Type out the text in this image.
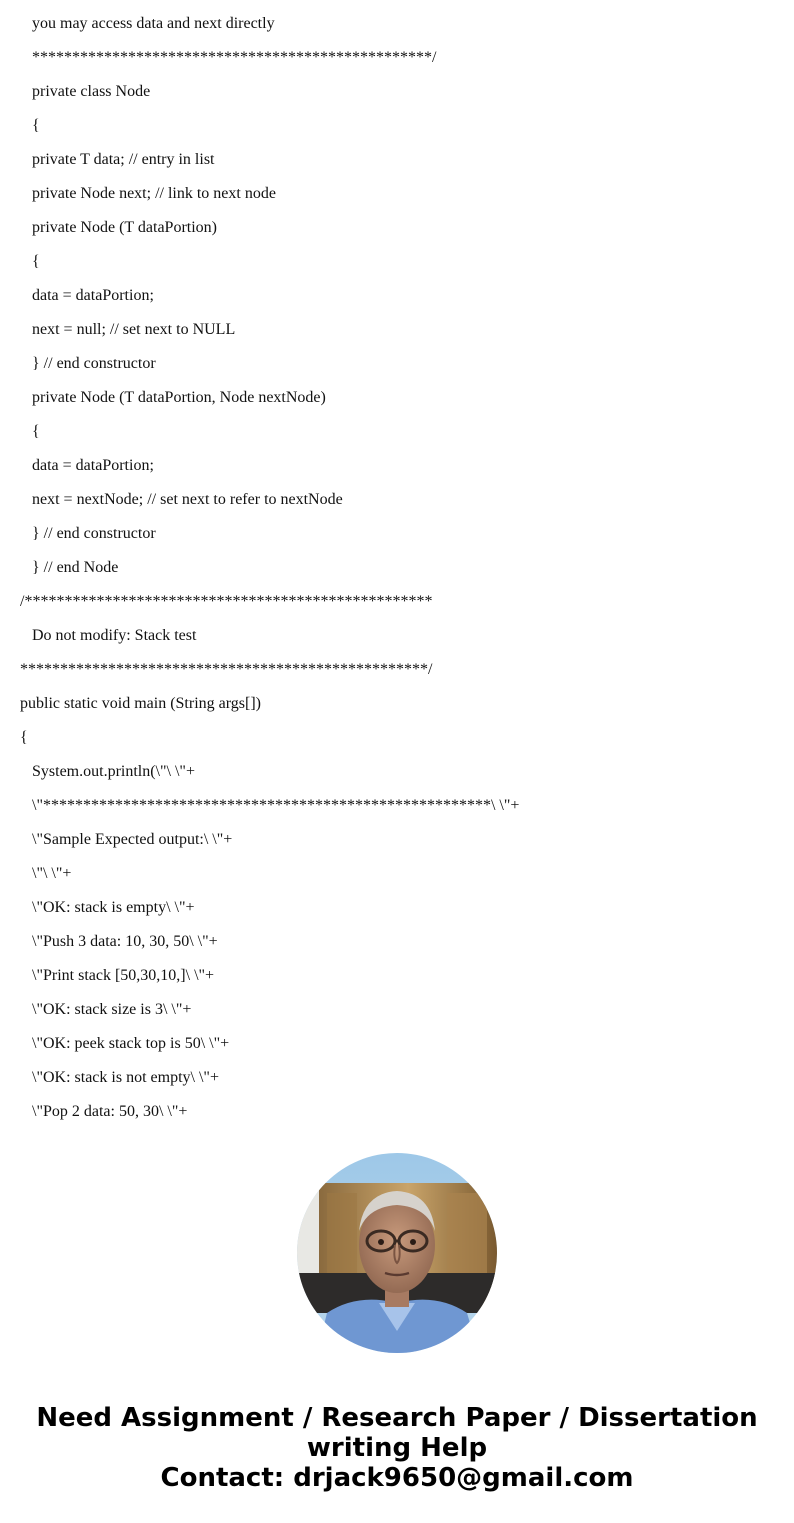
you may access data and next directly
**************************************************/
private class Node
{
private T data; // entry in list
private Node next; // link to next node
private Node (T dataPortion)
{
data = dataPortion;
next = null; // set next to NULL
} // end constructor
private Node (T dataPortion, Node nextNode)
{
data = dataPortion;
next = nextNode; // set next to refer to nextNode
} // end constructor
} // end Node
/***************************************************
Do not modify: Stack test
***************************************************/
public static void main (String args[])
{
System.out.println(\"\ \"+
\"********************************************************\ \"+
\"Sample Expected output:\ \"+
\"\ \"+
\"OK: stack is empty\ \"+
\"Push 3 data: 10, 30, 50\ \"+
\"Print stack [50,30,10,]\ \"+
\"OK: stack size is 3\ \"+
\"OK: peek stack top is 50\ \"+
\"OK: stack is not empty\ \"+
\"Pop 2 data: 50, 30\ \"+
Need Assignment / Research Paper / Dissertation
writing Help
Contact: drjack9650@gmail.com
